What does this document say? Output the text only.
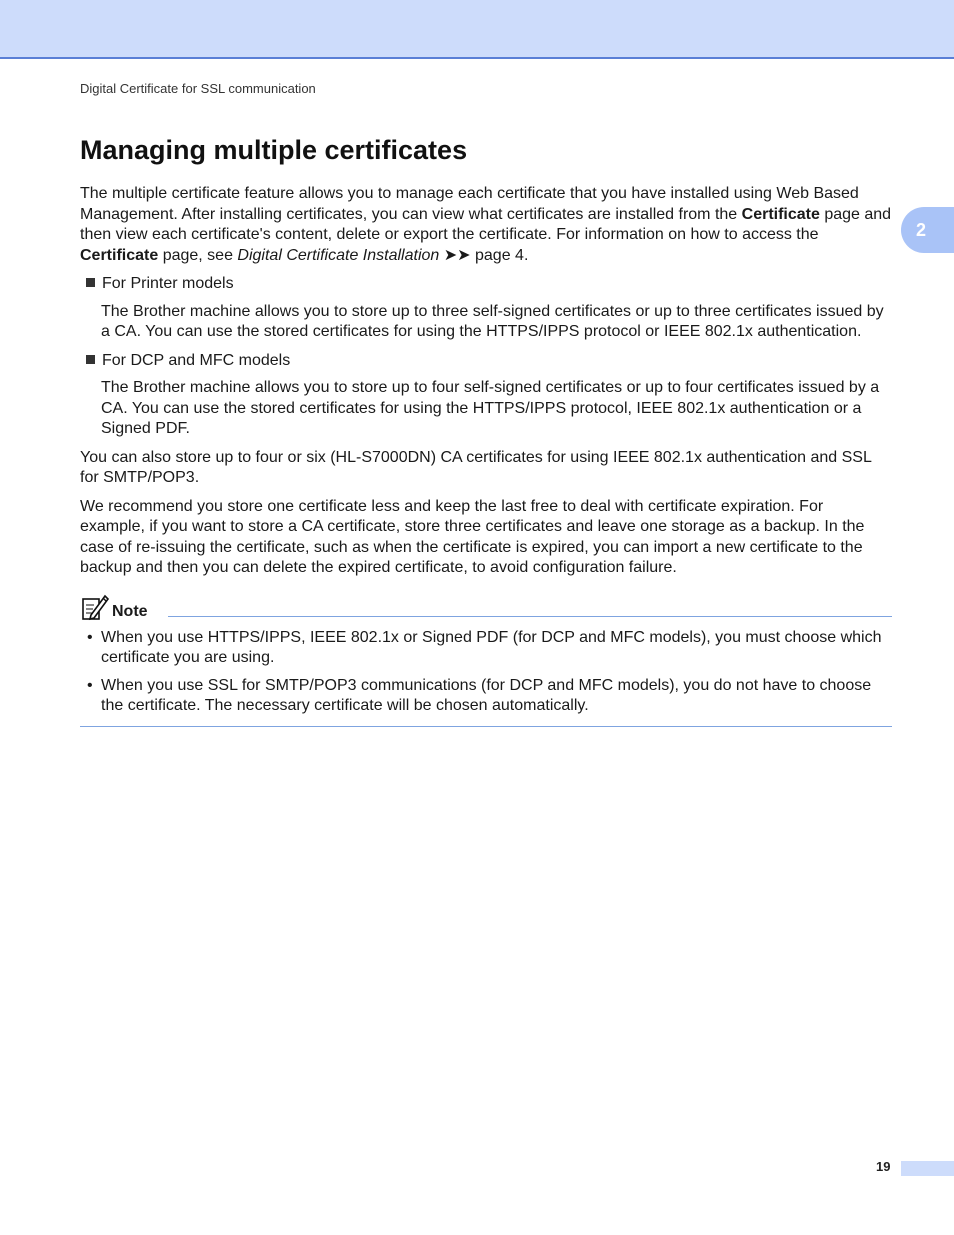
Digital Certificate for SSL communication
2
Managing multiple certificates

The multiple certificate feature allows you to manage each certificate that you have installed using Web Based Management. After installing certificates, you can view what certificates are installed from the Certificate page and then view each certificate's content, delete or export the certificate. For information on how to access the Certificate page, see Digital Certificate Installation ➤➤ page 4.

For Printer models

The Brother machine allows you to store up to three self-signed certificates or up to three certificates issued by a CA. You can use the stored certificates for using the HTTPS/IPPS protocol or IEEE 802.1x authentication.

For DCP and MFC models

The Brother machine allows you to store up to four self-signed certificates or up to four certificates issued by a CA. You can use the stored certificates for using the HTTPS/IPPS protocol, IEEE 802.1x authentication or a Signed PDF.

You can also store up to four or six (HL-S7000DN) CA certificates for using IEEE 802.1x authentication and SSL for SMTP/POP3.

We recommend you store one certificate less and keep the last free to deal with certificate expiration. For example, if you want to store a CA certificate, store three certificates and leave one storage as a backup. In the case of re-issuing the certificate, such as when the certificate is expired, you can import a new certificate to the backup and then you can delete the expired certificate, to avoid configuration failure.

Note
• When you use HTTPS/IPPS, IEEE 802.1x or Signed PDF (for DCP and MFC models), you must choose which certificate you are using.

• When you use SSL for SMTP/POP3 communications (for DCP and MFC models), you do not have to choose the certificate. The necessary certificate will be chosen automatically.

19
